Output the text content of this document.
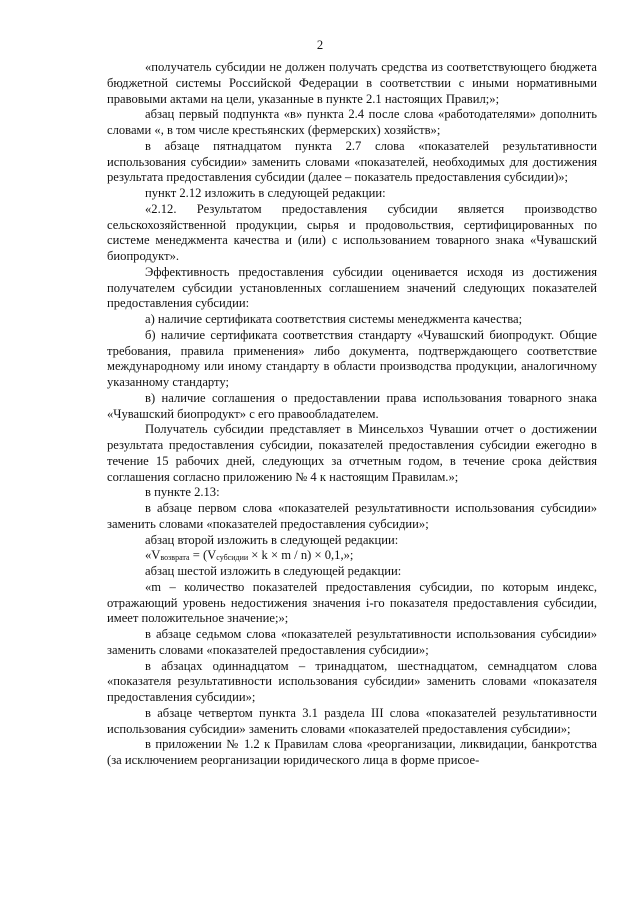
2

«получатель субсидии не должен получать средства из соответствующего бюджета бюджетной системы Российской Федерации в соответствии с иными нормативными правовыми актами на цели, указанные в пункте 2.1 настоящих Правил;»;

абзац первый подпункта «в» пункта 2.4 после слова «работодателями» дополнить словами «, в том числе крестьянских (фермерских) хозяйств»;

в абзаце пятнадцатом пункта 2.7 слова «показателей результативности использования субсидии» заменить словами «показателей, необходимых для достижения результата предоставления субсидии (далее – показатель предоставления субсидии)»;

пункт 2.12 изложить в следующей редакции:

«2.12. Результатом предоставления субсидии является производство сельскохозяйственной продукции, сырья и продовольствия, сертифицированных по системе менеджмента качества и (или) с использованием товарного знака «Чувашский биопродукт».

Эффективность предоставления субсидии оценивается исходя из достижения получателем субсидии установленных соглашением значений следующих показателей предоставления субсидии:

а) наличие сертификата соответствия системы менеджмента качества;

б) наличие сертификата соответствия стандарту «Чувашский биопродукт. Общие требования, правила применения» либо документа, подтверждающего соответствие международному или иному стандарту в области производства продукции, аналогичному указанному стандарту;

в) наличие соглашения о предоставлении права использования товарного знака «Чувашский биопродукт» с его правообладателем.

Получатель субсидии представляет в Минсельхоз Чувашии отчет о достижении результата предоставления субсидии, показателей предоставления субсидии ежегодно в течение 15 рабочих дней, следующих за отчетным годом, в течение срока действия соглашения согласно приложению № 4 к настоящим Правилам.»;

в пункте 2.13:

в абзаце первом слова «показателей результативности использования субсидии» заменить словами «показателей предоставления субсидии»;

абзац второй изложить в следующей редакции:

«$V_{возврата} = (V_{субсидии} \times k \times m / n) \times 0,1$,»;

абзац шестой изложить в следующей редакции:

«m – количество показателей предоставления субсидии, по которым индекс, отражающий уровень недостижения значения i-го показателя предоставления субсидии, имеет положительное значение;»;

в абзаце седьмом слова «показателей результативности использования субсидии» заменить словами «показателей предоставления субсидии»;

в абзацах одиннадцатом – тринадцатом, шестнадцатом, семнадцатом слова «показателя результативности использования субсидии» заменить словами «показателя предоставления субсидии»;

в абзаце четвертом пункта 3.1 раздела III слова «показателей результативности использования субсидии» заменить словами «показателей предоставления субсидии»;

в приложении № 1.2 к Правилам слова «реорганизации, ликвидации, банкротства (за исключением реорганизации юридического лица в форме присое-
